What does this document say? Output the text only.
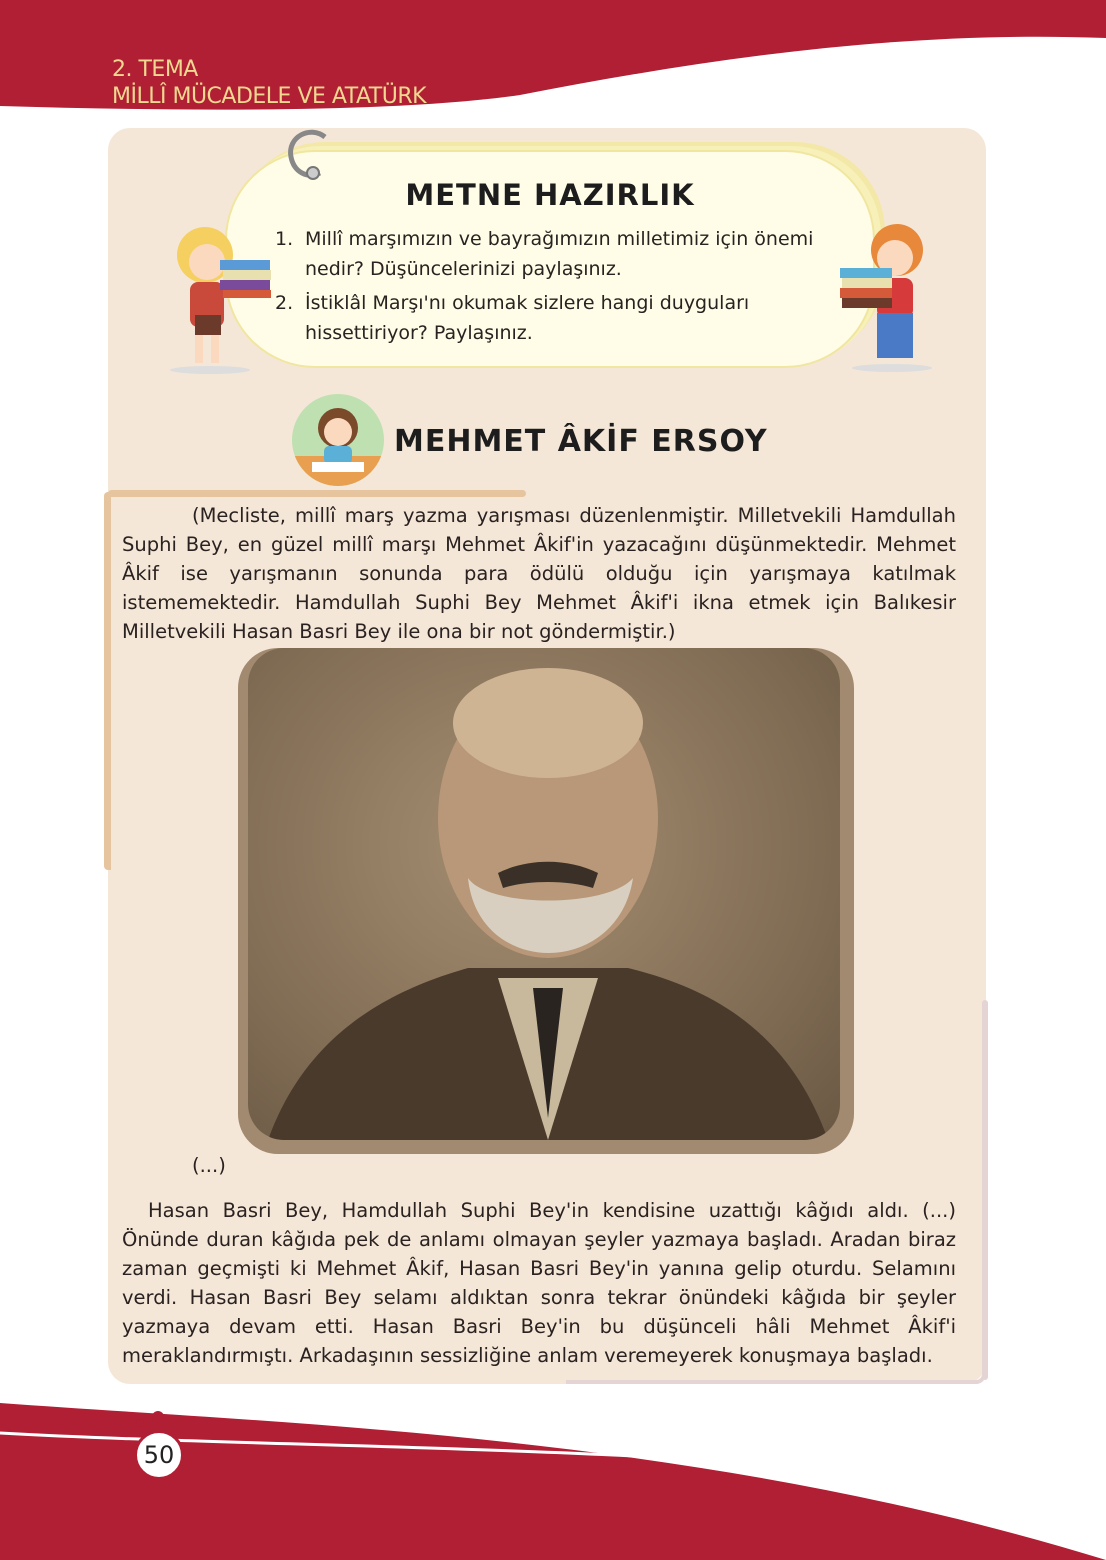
2. TEMA
MİLLÎ MÜCADELE VE ATATÜRK
METNE HAZIRLIK
1. Millî marşımızın ve bayrağımızın milletimiz için önemi nedir? Düşüncelerinizi paylaşınız.
2. İstiklâl Marşı'nı okumak sizlere hangi duyguları hissettiriyor? Paylaşınız.
MEHMET ÂKİF ERSOY

(Mecliste, millî marş yazma yarışması düzenlenmiştir. Milletvekili Hamdullah Suphi Bey, en güzel millî marşı Mehmet Âkif'in yazacağını düşünmektedir. Mehmet Âkif ise yarışmanın sonunda para ödülü olduğu için yarışmaya katılmak istememektedir. Hamdullah Suphi Bey Mehmet Âkif'i ikna etmek için Balıkesir Milletvekili Hasan Basri Bey ile ona bir not göndermiştir.)

(...)

Hasan Basri Bey, Hamdullah Suphi Bey'in kendisine uzattığı kâğıdı aldı. (...) Önünde duran kâğıda pek de anlamı olmayan şeyler yazmaya başladı. Aradan biraz zaman geçmişti ki Mehmet Âkif, Hasan Basri Bey'in yanına gelip oturdu. Selamını verdi. Hasan Basri Bey selamı aldıktan sonra tekrar önündeki kâğıda bir şeyler yazmaya devam etti. Hasan Basri Bey'in bu düşünceli hâli Mehmet Âkif'i meraklandırmıştı. Arkadaşının sessizliğine anlam veremeyerek konuşmaya başladı.

50
